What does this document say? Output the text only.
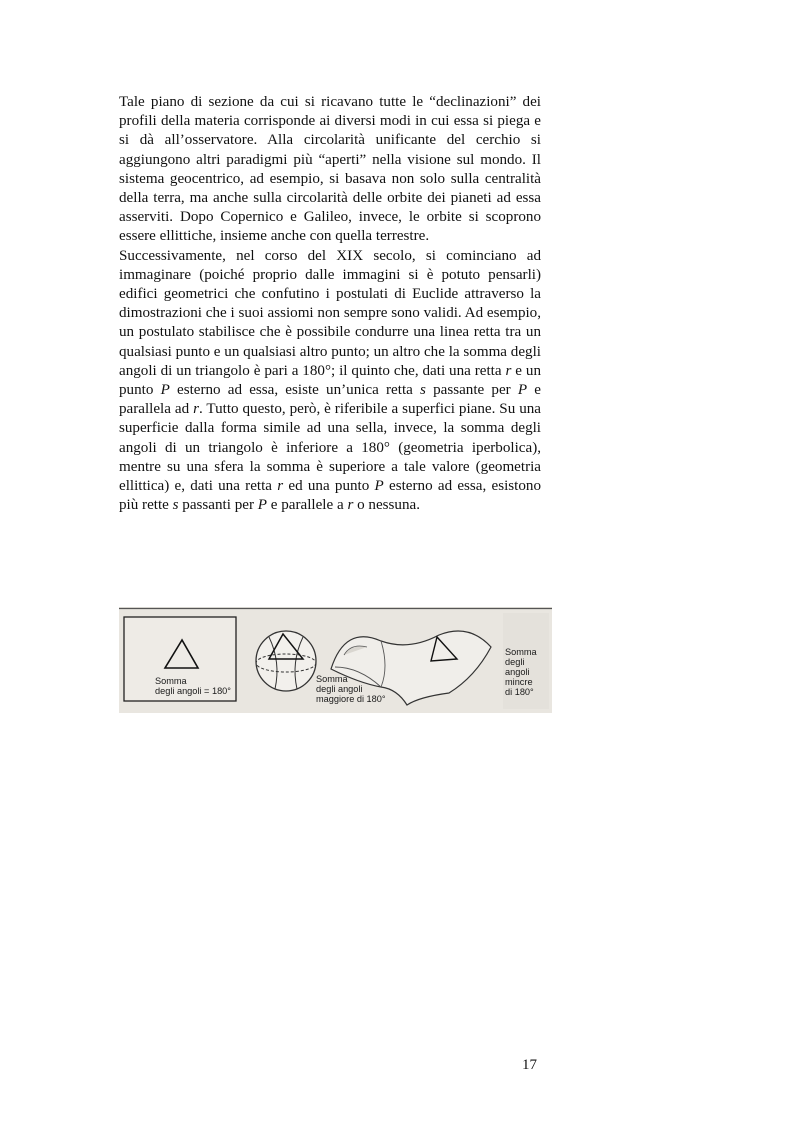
Tale piano di sezione da cui si ricavano tutte le “declinazioni” dei profili della materia corrisponde ai diversi modi in cui essa si piega e si dà all’osservatore. Alla circolarità unificante del cerchio si aggiungono altri paradigmi più “aperti” nella visione sul mondo. Il sistema geocentrico, ad esempio, si basava non solo sulla centralità della terra, ma anche sulla circolarità delle orbite dei pianeti ad essa asserviti. Dopo Copernico e Galileo, invece, le orbite si scoprono essere ellittiche, insieme anche con quella terrestre.

Successivamente, nel corso del XIX secolo, si cominciano ad immaginare (poiché proprio dalle immagini si è potuto pensarli) edifici geometrici che confutino i postulati di Euclide attraverso la dimostrazioni che i suoi assiomi non sempre sono validi. Ad esempio, un postulato stabilisce che è possibile condurre una linea retta tra un qualsiasi punto e un qualsiasi altro punto; un altro che la somma degli angoli di un triangolo è pari a 180°; il quinto che, dati una retta r e un punto P esterno ad essa, esiste un’unica retta s passante per P e parallela ad r. Tutto questo, però, è riferibile a superfici piane. Su una superficie dalla forma simile ad una sella, invece, la somma degli angoli di un triangolo è inferiore a 180° (geometria iperbolica), mentre su una sfera la somma è superiore a tale valore (geometria ellittica) e, dati una retta r ed una punto P esterno ad essa, esistono più rette s passanti per P e parallele a r o nessuna.

Somma
degli angoli = 180°
Somma
degli angoli
maggiore di 180°
Somma
degli
angoli
mincre
di 180°
17
